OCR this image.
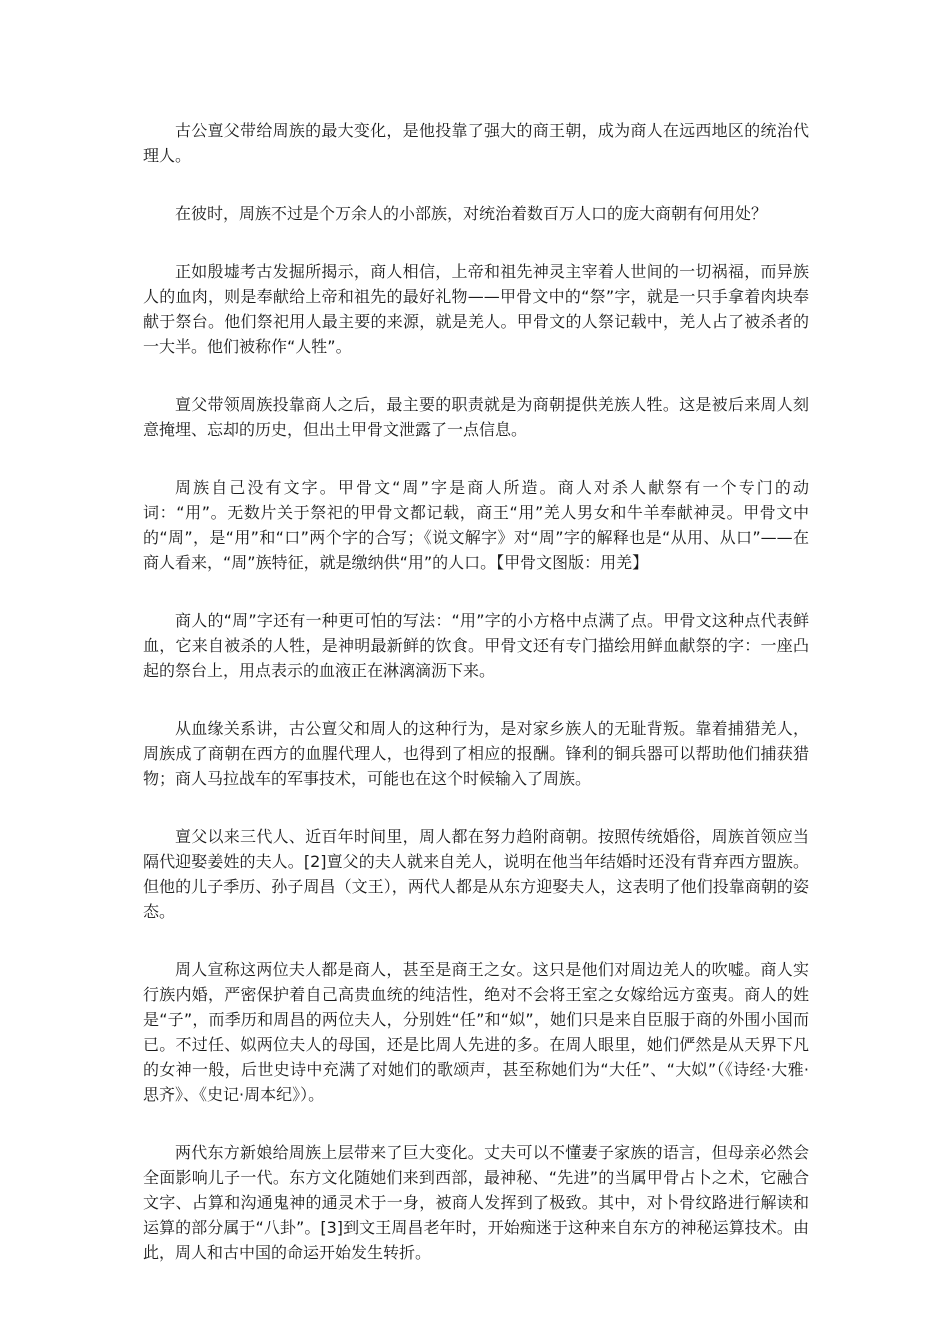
古公亶父带给周族的最大变化，是他投靠了强大的商王朝，成为商人在远西地区的统治代理人。

在彼时，周族不过是个万余人的小部族，对统治着数百万人口的庞大商朝有何用处？

正如殷墟考古发掘所揭示，商人相信，上帝和祖先神灵主宰着人世间的一切祸福，而异族人的血肉，则是奉献给上帝和祖先的最好礼物——甲骨文中的“祭”字，就是一只手拿着肉块奉献于祭台。他们祭祀用人最主要的来源，就是羌人。甲骨文的人祭记载中，羌人占了被杀者的一大半。他们被称作“人牲”。

亶父带领周族投靠商人之后，最主要的职责就是为商朝提供羌族人牲。这是被后来周人刻意掩埋、忘却的历史，但出土甲骨文泄露了一点信息。

周族自己没有文字。甲骨文“周”字是商人所造。商人对杀人献祭有一个专门的动词：“用”。无数片关于祭祀的甲骨文都记载，商王“用”羌人男女和牛羊奉献神灵。甲骨文中的“周”，是“用”和“口”两个字的合写；《说文解字》对“周”字的解释也是“从用、从口”——在商人看来，“周”族特征，就是缴纳供“用”的人口。【甲骨文图版：用羌】

商人的“周”字还有一种更可怕的写法：“用”字的小方格中点满了点。甲骨文这种点代表鲜血，它来自被杀的人牲，是神明最新鲜的饮食。甲骨文还有专门描绘用鲜血献祭的字：一座凸起的祭台上，用点表示的血液正在淋漓滴沥下来。

从血缘关系讲，古公亶父和周人的这种行为，是对家乡族人的无耻背叛。靠着捕猎羌人，周族成了商朝在西方的血腥代理人，也得到了相应的报酬。锋利的铜兵器可以帮助他们捕获猎物；商人马拉战车的军事技术，可能也在这个时候输入了周族。

亶父以来三代人、近百年时间里，周人都在努力趋附商朝。按照传统婚俗，周族首领应当隔代迎娶姜姓的夫人。[2]亶父的夫人就来自羌人，说明在他当年结婚时还没有背弃西方盟族。但他的儿子季历、孙子周昌（文王），两代人都是从东方迎娶夫人，这表明了他们投靠商朝的姿态。

周人宣称这两位夫人都是商人，甚至是商王之女。这只是他们对周边羌人的吹嘘。商人实行族内婚，严密保护着自己高贵血统的纯洁性，绝对不会将王室之女嫁给远方蛮夷。商人的姓是“子”，而季历和周昌的两位夫人，分别姓“任”和“姒”，她们只是来自臣服于商的外围小国而已。不过任、姒两位夫人的母国，还是比周人先进的多。在周人眼里，她们俨然是从天界下凡的女神一般，后世史诗中充满了对她们的歌颂声，甚至称她们为“大任”、“大姒”（《诗经·大雅·思齐》、《史记·周本纪》）。

两代东方新娘给周族上层带来了巨大变化。丈夫可以不懂妻子家族的语言，但母亲必然会全面影响儿子一代。东方文化随她们来到西部，最神秘、“先进”的当属甲骨占卜之术，它融合文字、占算和沟通鬼神的通灵术于一身，被商人发挥到了极致。其中，对卜骨纹路进行解读和运算的部分属于“八卦”。[3]到文王周昌老年时，开始痴迷于这种来自东方的神秘运算技术。由此，周人和古中国的命运开始发生转折。
